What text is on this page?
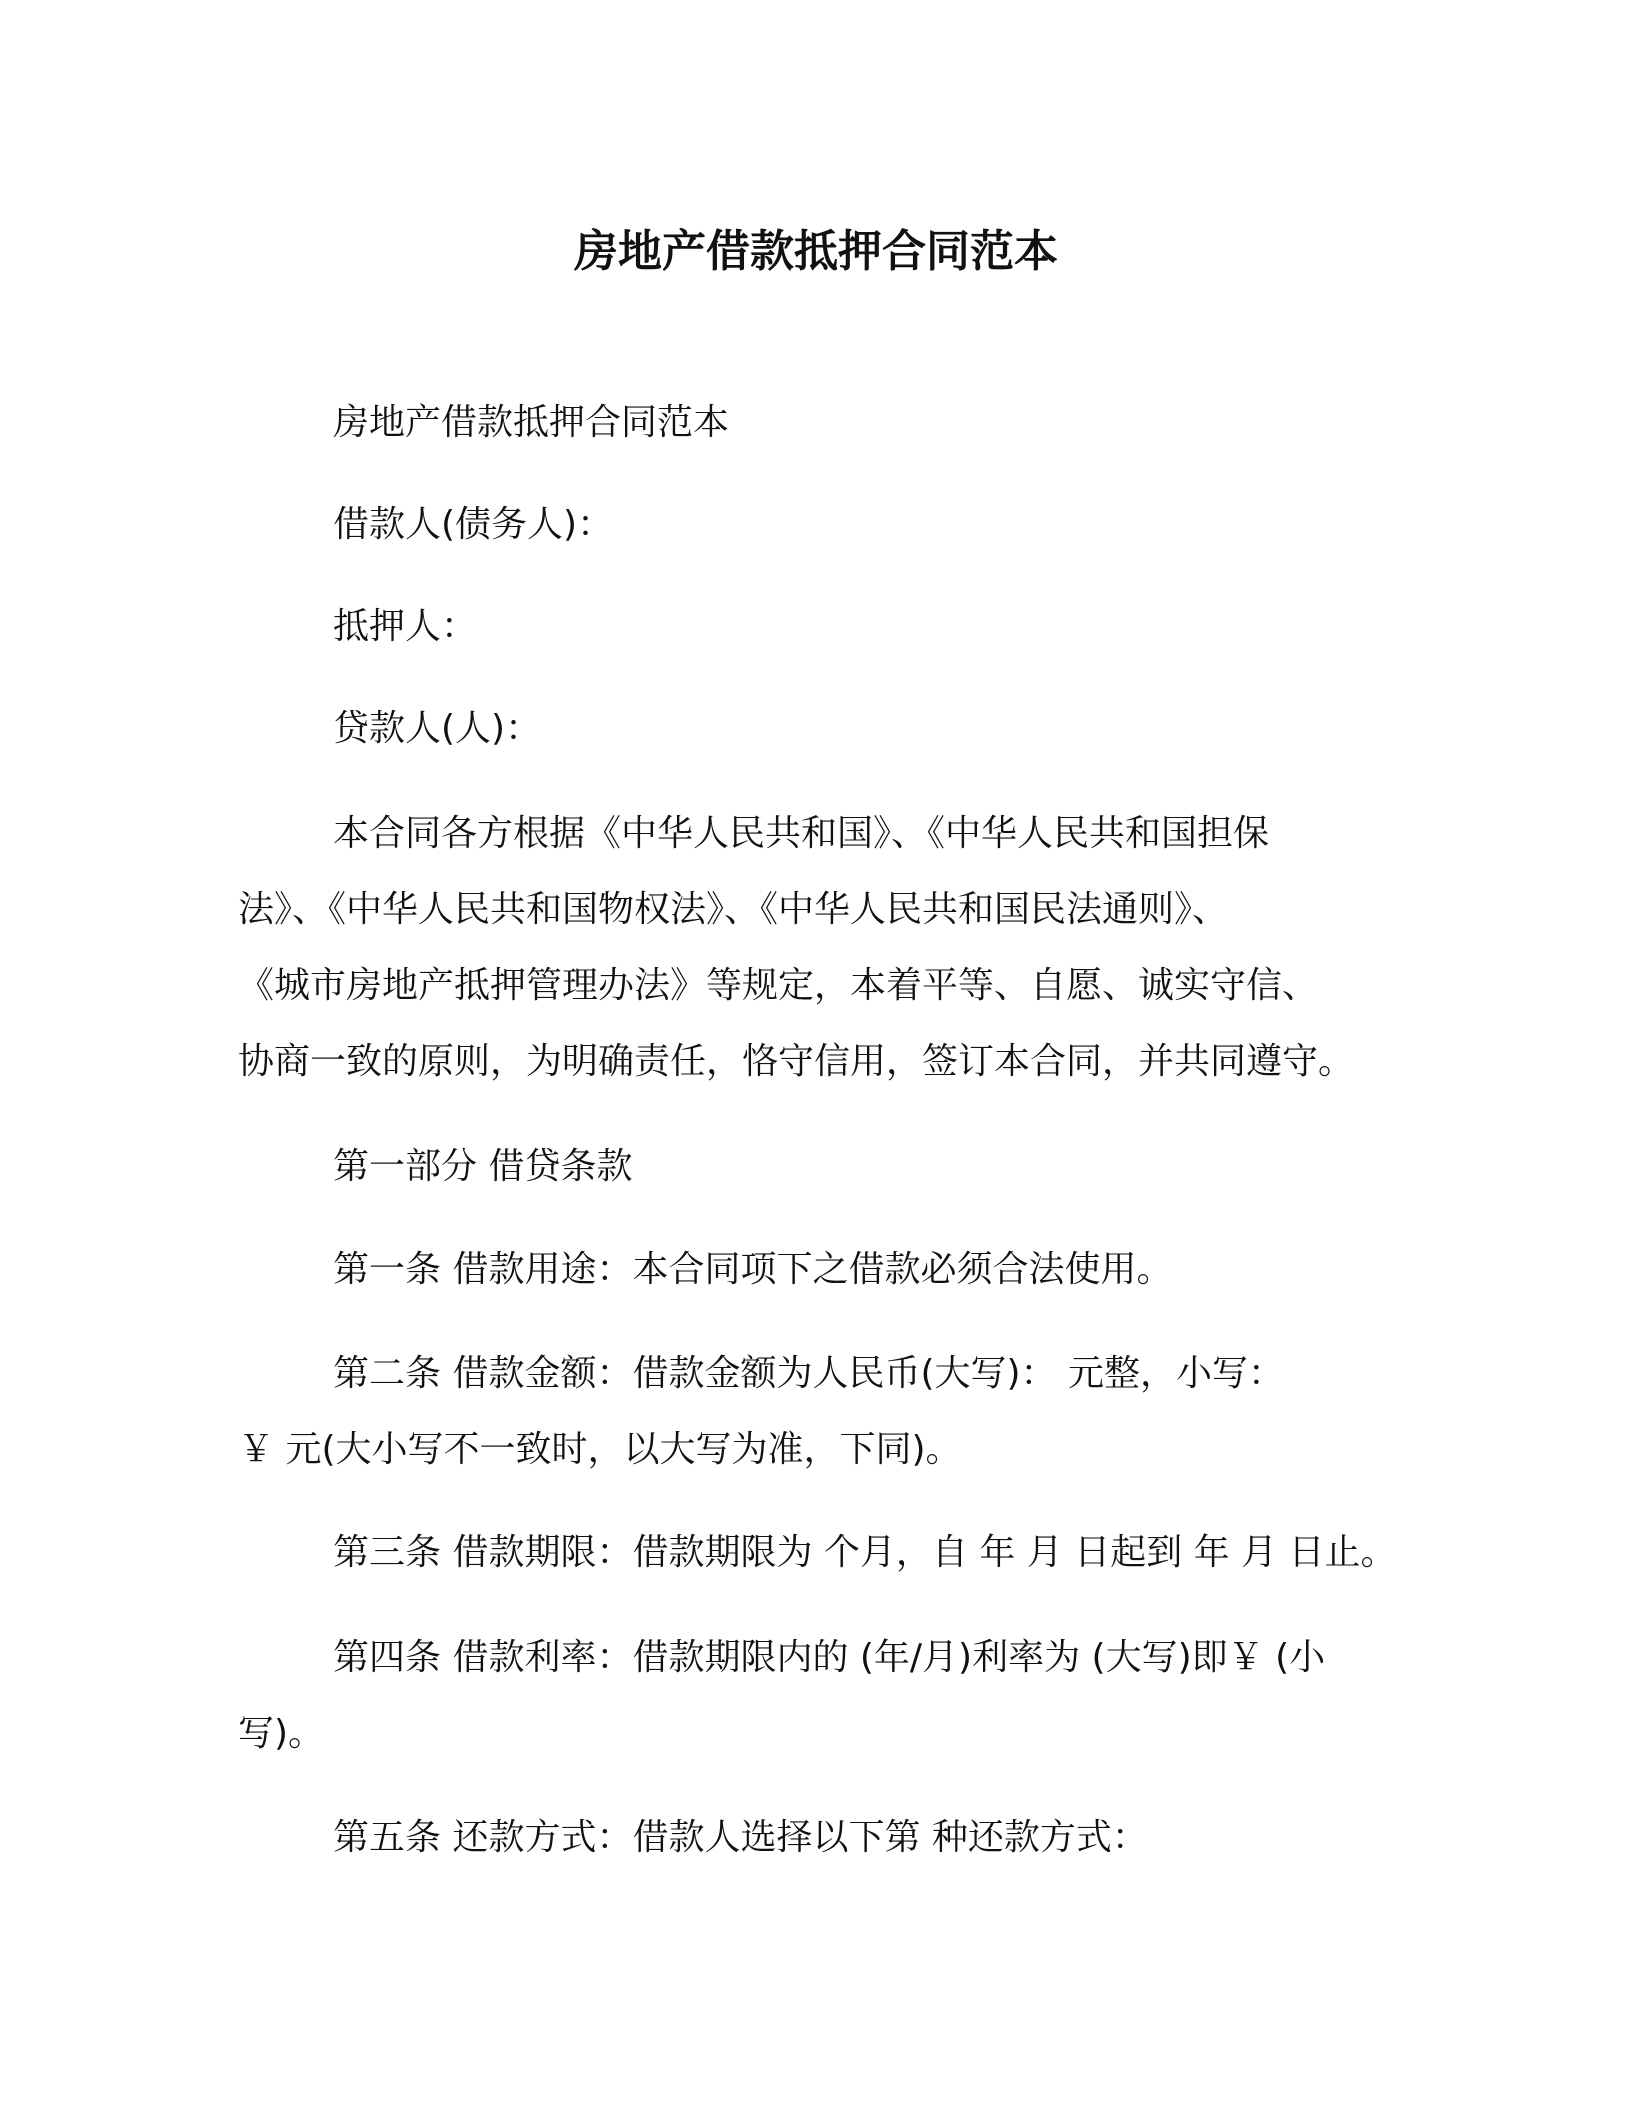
房地产借款抵押合同范本

房地产借款抵押合同范本

借款人(债务人)：

抵押人：

贷款人(人)：

本合同各方根据《中华人民共和国》、《中华人民共和国担保

法》、《中华人民共和国物权法》、《中华人民共和国民法通则》、

《城市房地产抵押管理办法》等规定，本着平等、自愿、诚实守信、

协商一致的原则，为明确责任，恪守信用，签订本合同，并共同遵守。

第一部分 借贷条款

第一条 借款用途：本合同项下之借款必须合法使用。

第二条 借款金额：借款金额为人民币(大写)： 元整，小写：

￥ 元(大小写不一致时，以大写为准，下同)。

第三条 借款期限：借款期限为 个月，自 年 月 日起到 年 月 日止。

第四条 借款利率：借款期限内的 (年/月)利率为 (大写)即￥ (小

写)。

第五条 还款方式：借款人选择以下第 种还款方式：
